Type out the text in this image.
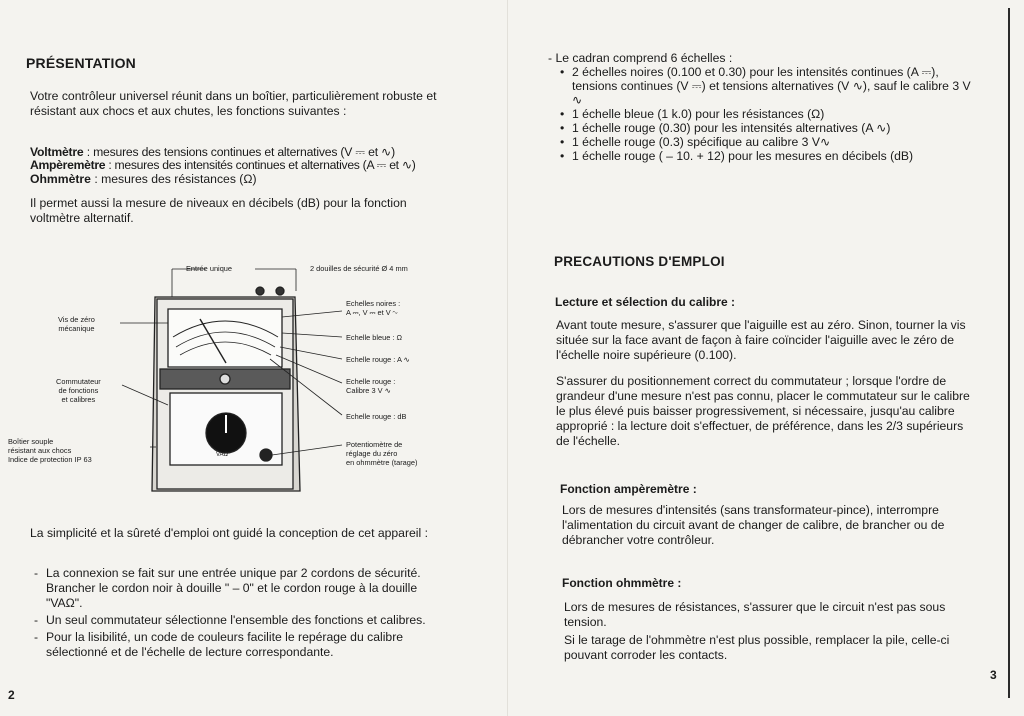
PRÉSENTATION

Votre contrôleur universel réunit dans un boîtier, particulièrement robuste et résistant aux chocs et aux chutes, les fonctions suivantes :

Voltmètre : mesures des tensions continues et alternatives (V ⎓ et ∿)

Ampèremètre : mesures des intensités continues et alternatives (A ⎓ et ∿)

Ohmmètre : mesures des résistances (Ω)

Il permet aussi la mesure de niveaux en décibels (dB) pour la fonction voltmètre alternatif.

Entrée unique	2 douilles de sécurité Ø 4 mm
Vis de zéro
mécanique
Commutateur
de fonctions
et calibres
Boîtier souple
résistant aux chocs
Indice de protection IP 63
Echelles noires :
A ⎓, V ⎓ et V ∿
Echelle bleue : Ω
Echelle rouge : A ∿
Echelle rouge :
Calibre 3 V ∿
Echelle rouge : dB
Potentiomètre de
réglage du zéro
en ohmmètre (tarage)
VAΩ

La simplicité et la sûreté d'emploi ont guidé la conception de cet appareil :

- La connexion se fait sur une entrée unique par 2 cordons de sécurité. Brancher le cordon noir à douille " – 0" et le cordon rouge à la douille "VAΩ".
- Un seul commutateur sélectionne l'ensemble des fonctions et calibres.
- Pour la lisibilité, un code de couleurs facilite le repérage du calibre sélectionné et de l'échelle de lecture correspondante.
2

- Le cadran comprend 6 échelles :

• 2 échelles noires (0.100 et 0.30) pour les intensités continues (A ⎓), tensions continues (V ⎓) et tensions alternatives (V ∿), sauf le calibre 3 V ∿
• 1 échelle bleue (1 k.0) pour les résistances (Ω)
• 1 échelle rouge (0.30) pour les intensités alternatives (A ∿)
• 1 échelle rouge (0.3) spécifique au calibre 3 V∿
• 1 échelle rouge ( – 10. + 12) pour les mesures en décibels (dB)
PRECAUTIONS D'EMPLOI
Lecture et sélection du calibre :

Avant toute mesure, s'assurer que l'aiguille est au zéro. Sinon, tourner la vis située sur la face avant de façon à faire coïncider l'aiguille avec le zéro de l'échelle noire supérieure (0.100).

S'assurer du positionnement correct du commutateur ; lorsque l'ordre de grandeur d'une mesure n'est pas connu, placer le commutateur sur le calibre le plus élevé puis baisser progressivement, si nécessaire, jusqu'au calibre approprié : la lecture doit s'effectuer, de préférence, dans les 2/3 supérieurs de l'échelle.

Fonction ampèremètre :

Lors de mesures d'intensités (sans transformateur-pince), interrompre l'alimentation du circuit avant de changer de calibre, de brancher ou de débrancher votre contrôleur.

Fonction ohmmètre :

Lors de mesures de résistances, s'assurer que le circuit n'est pas sous tension.

Si le tarage de l'ohmmètre n'est plus possible, remplacer la pile, celle-ci pouvant corroder les contacts.

3
